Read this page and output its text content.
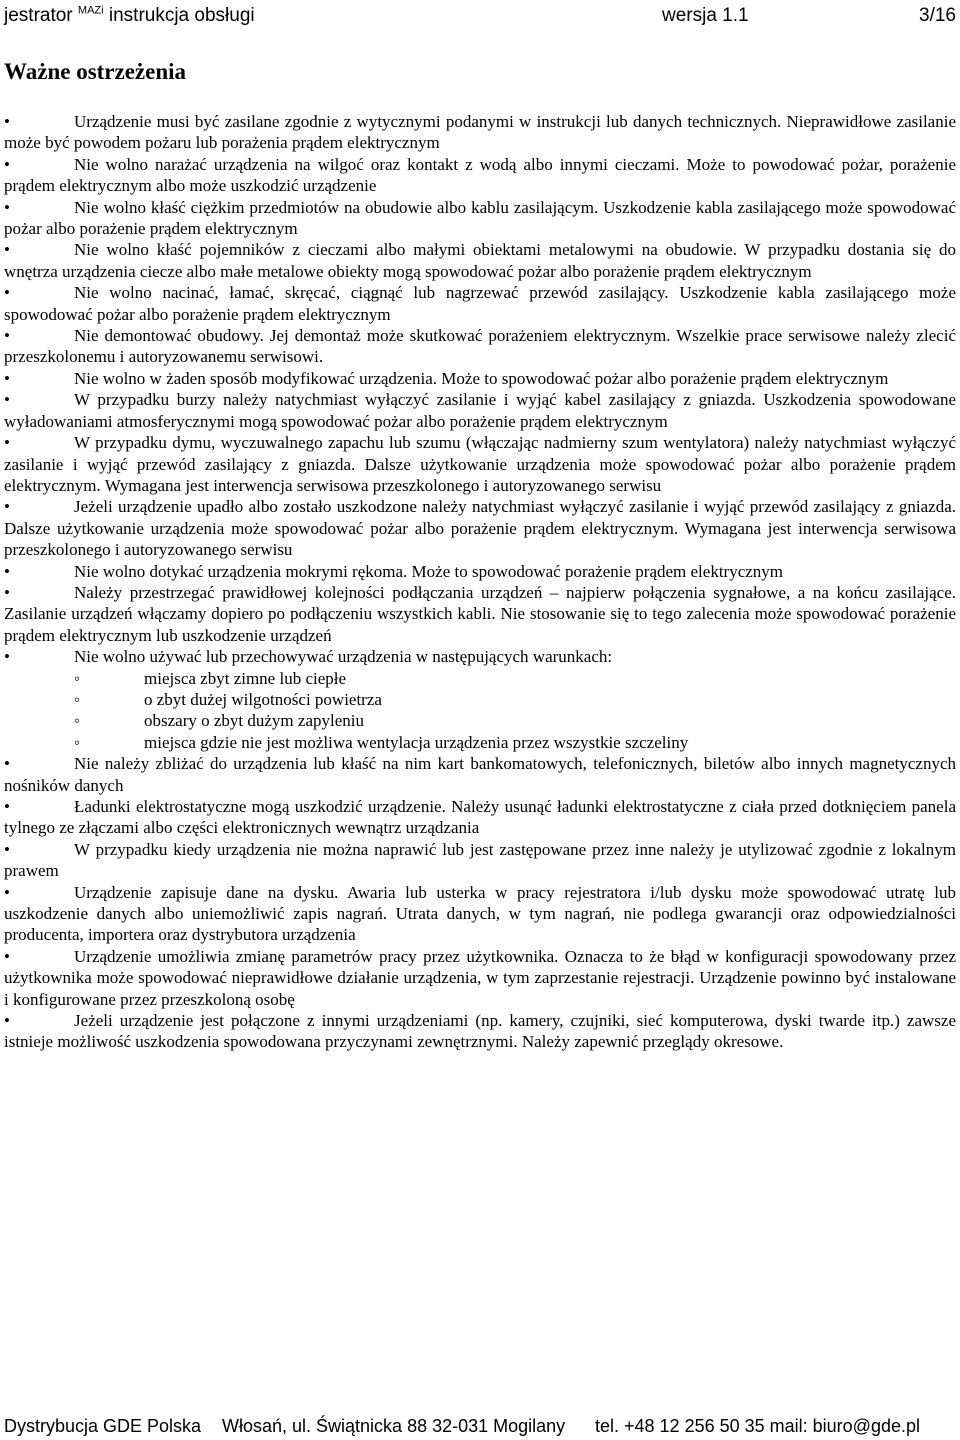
jestrator $^{MAZi}$ instrukcja obsługi	wersja 1.1	3/16
Ważne ostrzeżenia

•	Urządzenie musi być zasilane zgodnie z wytycznymi podanymi w instrukcji lub danych technicznych. Nieprawidłowe zasilanie może być powodem pożaru lub porażenia prądem elektrycznym

•	Nie wolno narażać urządzenia na wilgoć oraz kontakt z wodą albo innymi cieczami. Może to powodować pożar, porażenie prądem elektrycznym albo może uszkodzić urządzenie

•	Nie wolno kłaść ciężkim przedmiotów na obudowie albo kablu zasilającym. Uszkodzenie kabla zasilającego może spowodować pożar albo porażenie prądem elektrycznym

•	Nie wolno kłaść pojemników z cieczami albo małymi obiektami metalowymi na obudowie. W przypadku dostania się do wnętrza urządzenia ciecze albo małe metalowe obiekty mogą spowodować pożar albo porażenie prądem elektrycznym

•	Nie wolno nacinać, łamać, skręcać, ciągnąć lub nagrzewać przewód zasilający. Uszkodzenie kabla zasilającego może spowodować pożar albo porażenie prądem elektrycznym

•	Nie demontować obudowy. Jej demontaż może skutkować porażeniem elektrycznym. Wszelkie prace serwisowe należy zlecić przeszkolonemu i autoryzowanemu serwisowi.

•	Nie wolno w żaden sposób modyfikować urządzenia. Może to spowodować pożar albo porażenie prądem elektrycznym

•	W przypadku burzy należy natychmiast wyłączyć zasilanie i wyjąć kabel zasilający z gniazda. Uszkodzenia spowodowane wyładowaniami atmosferycznymi mogą spowodować pożar albo porażenie prądem elektrycznym

•	W przypadku dymu, wyczuwalnego zapachu lub szumu (włączając nadmierny szum wentylatora) należy natychmiast wyłączyć zasilanie i wyjąć przewód zasilający z gniazda. Dalsze użytkowanie urządzenia może spowodować pożar albo porażenie prądem elektrycznym. Wymagana jest interwencja serwisowa przeszkolonego i autoryzowanego serwisu

•	Jeżeli urządzenie upadło albo zostało uszkodzone należy natychmiast wyłączyć zasilanie i wyjąć przewód zasilający z gniazda. Dalsze użytkowanie urządzenia może spowodować pożar albo porażenie prądem elektrycznym. Wymagana jest interwencja serwisowa przeszkolonego i autoryzowanego serwisu

•	Nie wolno dotykać urządzenia mokrymi rękoma. Może to spowodować porażenie prądem elektrycznym

•	Należy przestrzegać prawidłowej kolejności podłączania urządzeń – najpierw połączenia sygnałowe, a na końcu zasilające. Zasilanie urządzeń włączamy dopiero po podłączeniu wszystkich kabli. Nie stosowanie się to tego zalecenia może spowodować porażenie prądem elektrycznym lub uszkodzenie urządzeń

•	Nie wolno używać lub przechowywać urządzenia w następujących warunkach:

◦	miejsca zbyt zimne lub ciepłe

◦	o zbyt dużej wilgotności powietrza

◦	obszary o zbyt dużym zapyleniu

◦	miejsca gdzie nie jest możliwa wentylacja urządzenia przez wszystkie szczeliny

•	Nie należy zbliżać do urządzenia lub kłaść na nim kart bankomatowych, telefonicznych, biletów albo innych magnetycznych nośników danych

•	Ładunki elektrostatyczne mogą uszkodzić urządzenie. Należy usunąć ładunki elektrostatyczne z ciała przed dotknięciem panela tylnego ze złączami albo części elektronicznych wewnątrz urządzania

•	W przypadku kiedy urządzenia nie można naprawić lub jest zastępowane przez inne należy je utylizować zgodnie z lokalnym prawem

•	Urządzenie zapisuje dane na dysku. Awaria lub usterka w pracy rejestratora i/lub dysku może spowodować utratę lub uszkodzenie danych albo uniemożliwić zapis nagrań. Utrata danych, w tym nagrań, nie podlega gwarancji oraz odpowiedzialności producenta, importera oraz dystrybutora urządzenia

•	Urządzenie umożliwia zmianę parametrów pracy przez użytkownika. Oznacza to że błąd w konfiguracji spowodowany przez użytkownika może spowodować nieprawidłowe działanie urządzenia, w tym zaprzestanie rejestracji. Urządzenie powinno być instalowane i konfigurowane przez przeszkoloną osobę

•	Jeżeli urządzenie jest połączone z innymi urządzeniami (np. kamery, czujniki, sieć komputerowa, dyski twarde itp.) zawsze istnieje możliwość uszkodzenia spowodowana przyczynami zewnętrznymi. Należy zapewnić przeglądy okresowe.

Dystrybucja GDE Polska Włosań, ul. Świątnicka 88 32-031 Mogilany tel. +48 12 256 50 35 mail: biuro@gde.pl
